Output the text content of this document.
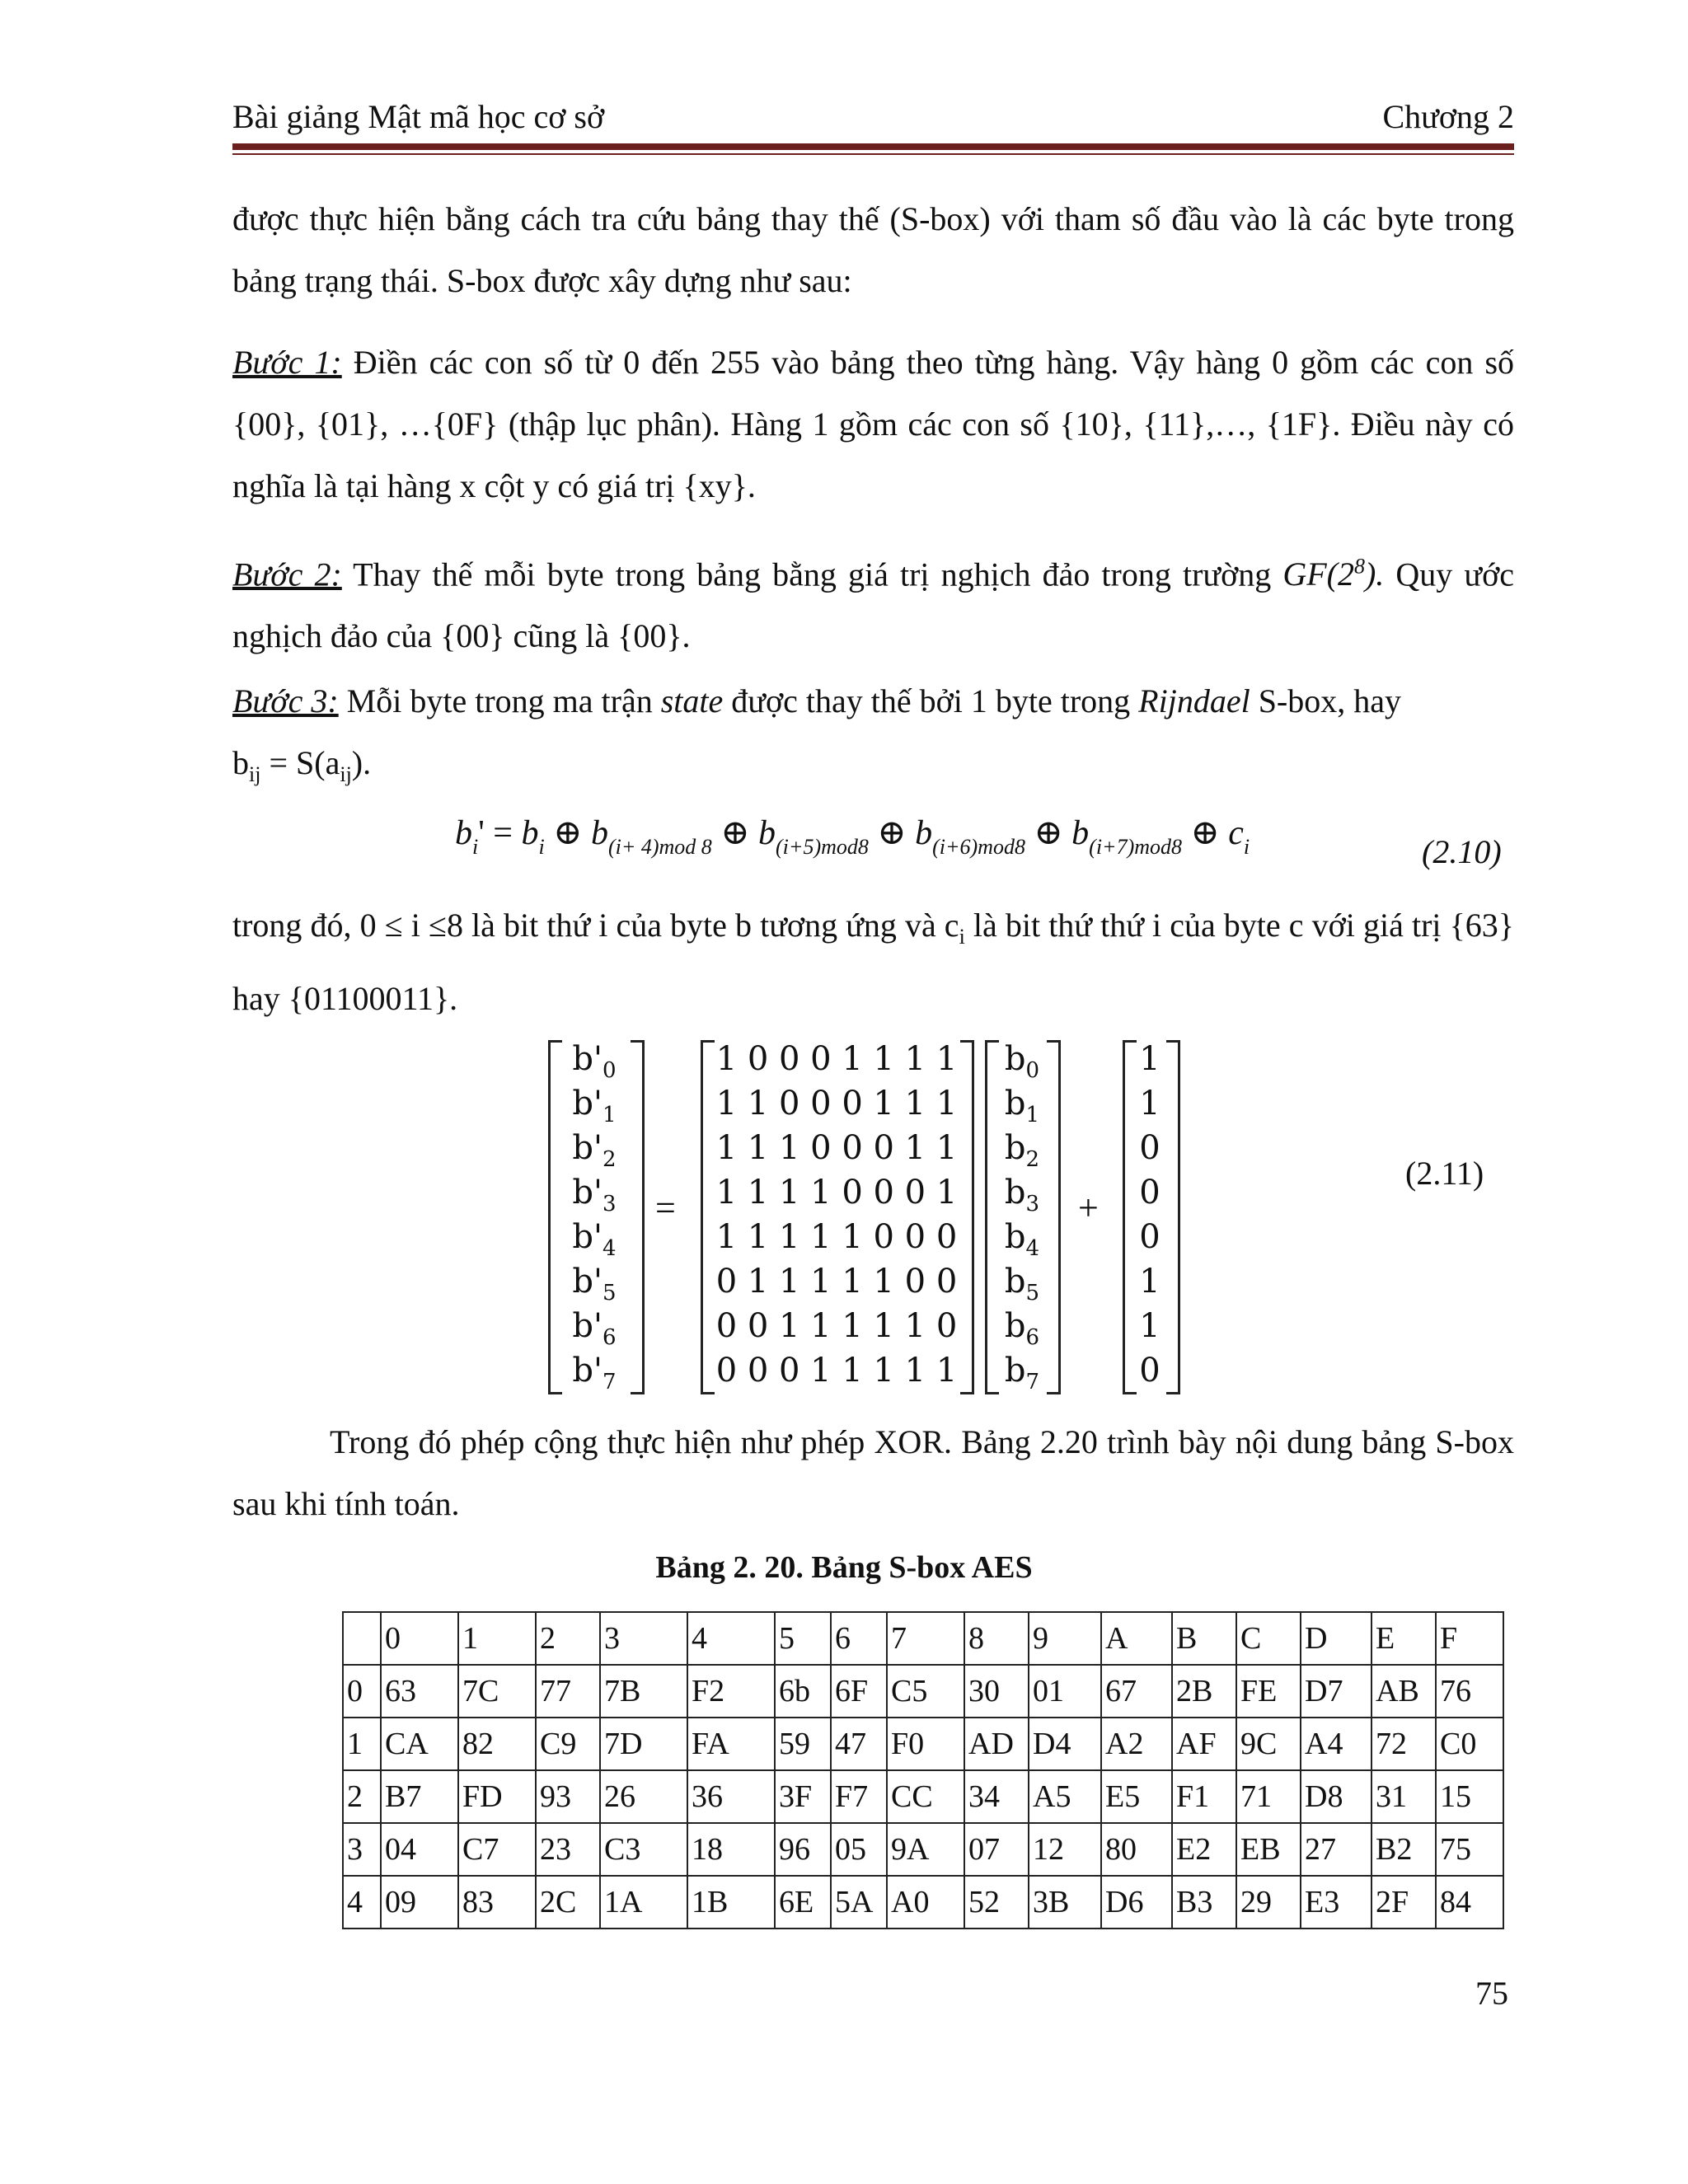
Bài giảng Mật mã học cơ sở	Chương 2
được thực hiện bằng cách tra cứu bảng thay thế (S-box) với tham số đầu vào là các byte trong bảng trạng thái. S-box được xây dựng như sau:
Bước 1: Điền các con số từ 0 đến 255 vào bảng theo từng hàng. Vậy hàng 0 gồm các con số {00}, {01}, …{0F} (thập lục phân). Hàng 1 gồm các con số {10}, {11},…, {1F}. Điều này có nghĩa là tại hàng x cột y có giá trị {xy}.
Bước 2: Thay thế mỗi byte trong bảng bằng giá trị nghịch đảo trong trường $GF(2^8)$. Quy ước nghịch đảo của {00} cũng là {00}.
Bước 3: Mỗi byte trong ma trận state được thay thế bởi 1 byte trong Rijndael S-box, hay
$b_{ij} = S(a_{ij})$.
$b_i' = b_i$ ⊕ $b_{(i+ 4)mod 8}$ ⊕ $b_{(i+5)mod8}$ ⊕ $b_{(i+6)mod8}$ ⊕ $b_{(i+7)mod8}$ ⊕ $c_i$	(2.10)
trong đó, 0 ≤ i ≤8 là bit thứ i của byte b tương ứng và $c_i$ là bit thứ thứ i của byte c với giá trị {63} hay {01100011}.
$b'_0$
$b'_1$
$b'_2$
$b'_3$
$b'_4$
$b'_5$
$b'_6$
$b'_7$
=
1 0 0 0 1 1 1 1
1 1 0 0 0 1 1 1
1 1 1 0 0 0 1 1
1 1 1 1 0 0 0 1
1 1 1 1 1 0 0 0
0 1 1 1 1 1 0 0
0 0 1 1 1 1 1 0
0 0 0 1 1 1 1 1
$b_0$
$b_1$
$b_2$
$b_3$
$b_4$
$b_5$
$b_6$
$b_7$
+
1
1
0
0
0
1
1
0
(2.11)
Trong đó phép cộng thực hiện như phép XOR. Bảng 2.20 trình bày nội dung bảng S-box sau khi tính toán.
Bảng 2. 20. Bảng S-box AES
	0	1	2	3	4	5	6	7	8	9	A	B	C	D	E	F
0	63	7C	77	7B	F2	6b	6F	C5	30	01	67	2B	FE	D7	AB	76
1	CA	82	C9	7D	FA	59	47	F0	AD	D4	A2	AF	9C	A4	72	C0
2	B7	FD	93	26	36	3F	F7	CC	34	A5	E5	F1	71	D8	31	15
3	04	C7	23	C3	18	96	05	9A	07	12	80	E2	EB	27	B2	75
4	09	83	2C	1A	1B	6E	5A	A0	52	3B	D6	B3	29	E3	2F	84
75
